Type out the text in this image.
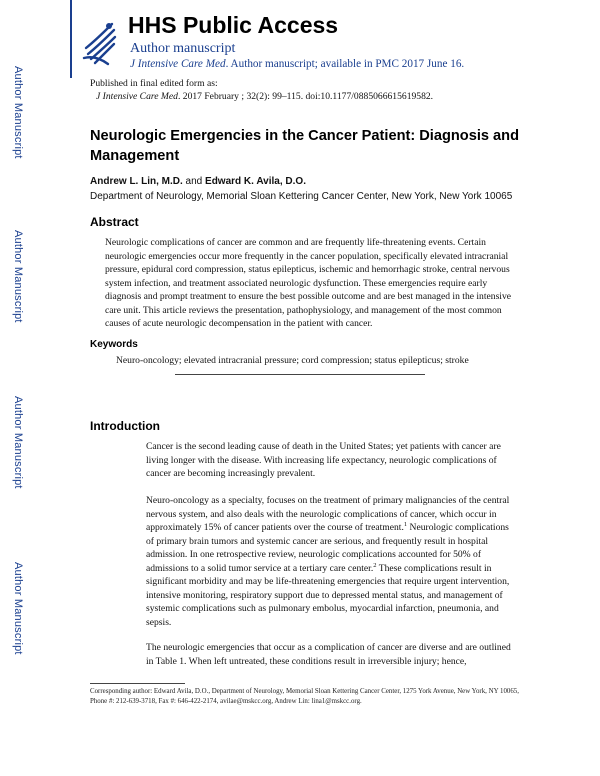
Author Manuscript
Author Manuscript
Author Manuscript
Author Manuscript
HHS Public Access
Author manuscript
J Intensive Care Med. Author manuscript; available in PMC 2017 June 16.
Published in final edited form as:
J Intensive Care Med. 2017 February ; 32(2): 99–115. doi:10.1177/0885066615619582.
Neurologic Emergencies in the Cancer Patient: Diagnosis and Management
Andrew L. Lin, M.D. and Edward K. Avila, D.O.
Department of Neurology, Memorial Sloan Kettering Cancer Center, New York, New York 10065
Abstract
Neurologic complications of cancer are common and are frequently life-threatening events. Certain neurologic emergencies occur more frequently in the cancer population, specifically elevated intracranial pressure, epidural cord compression, status epilepticus, ischemic and hemorrhagic stroke, central nervous system infection, and treatment associated neurologic dysfunction. These emergencies require early diagnosis and prompt treatment to ensure the best possible outcome and are best managed in the intensive care unit. This article reviews the presentation, pathophysiology, and management of the most common causes of acute neurologic decompensation in the patient with cancer.
Keywords
Neuro-oncology; elevated intracranial pressure; cord compression; status epilepticus; stroke
Introduction
Cancer is the second leading cause of death in the United States; yet patients with cancer are living longer with the disease. With increasing life expectancy, neurologic complications of cancer are becoming increasingly prevalent.

Neuro-oncology as a specialty, focuses on the treatment of primary malignancies of the central nervous system, and also deals with the neurologic complications of cancer, which occur in approximately 15% of cancer patients over the course of treatment.$^1$ Neurologic complications of primary brain tumors and systemic cancer are serious, and frequently result in hospital admission. In one retrospective review, neurologic complications accounted for 50% of admissions to a solid tumor service at a tertiary care center.$^2$ These complications result in significant morbidity and may be life-threatening emergencies that require urgent intervention, intensive monitoring, respiratory support due to depressed mental status, and management of systemic complications such as pulmonary embolus, myocardial infarction, pneumonia, and sepsis.

The neurologic emergencies that occur as a complication of cancer are diverse and are outlined in Table 1. When left untreated, these conditions result in irreversible injury; hence,
Corresponding author: Edward Avila, D.O., Department of Neurology, Memorial Sloan Kettering Cancer Center, 1275 York Avenue, New York, NY 10065, Phone #: 212-639-3718, Fax #: 646-422-2174, avilae@mskcc.org, Andrew Lin: lina1@mskcc.org.
